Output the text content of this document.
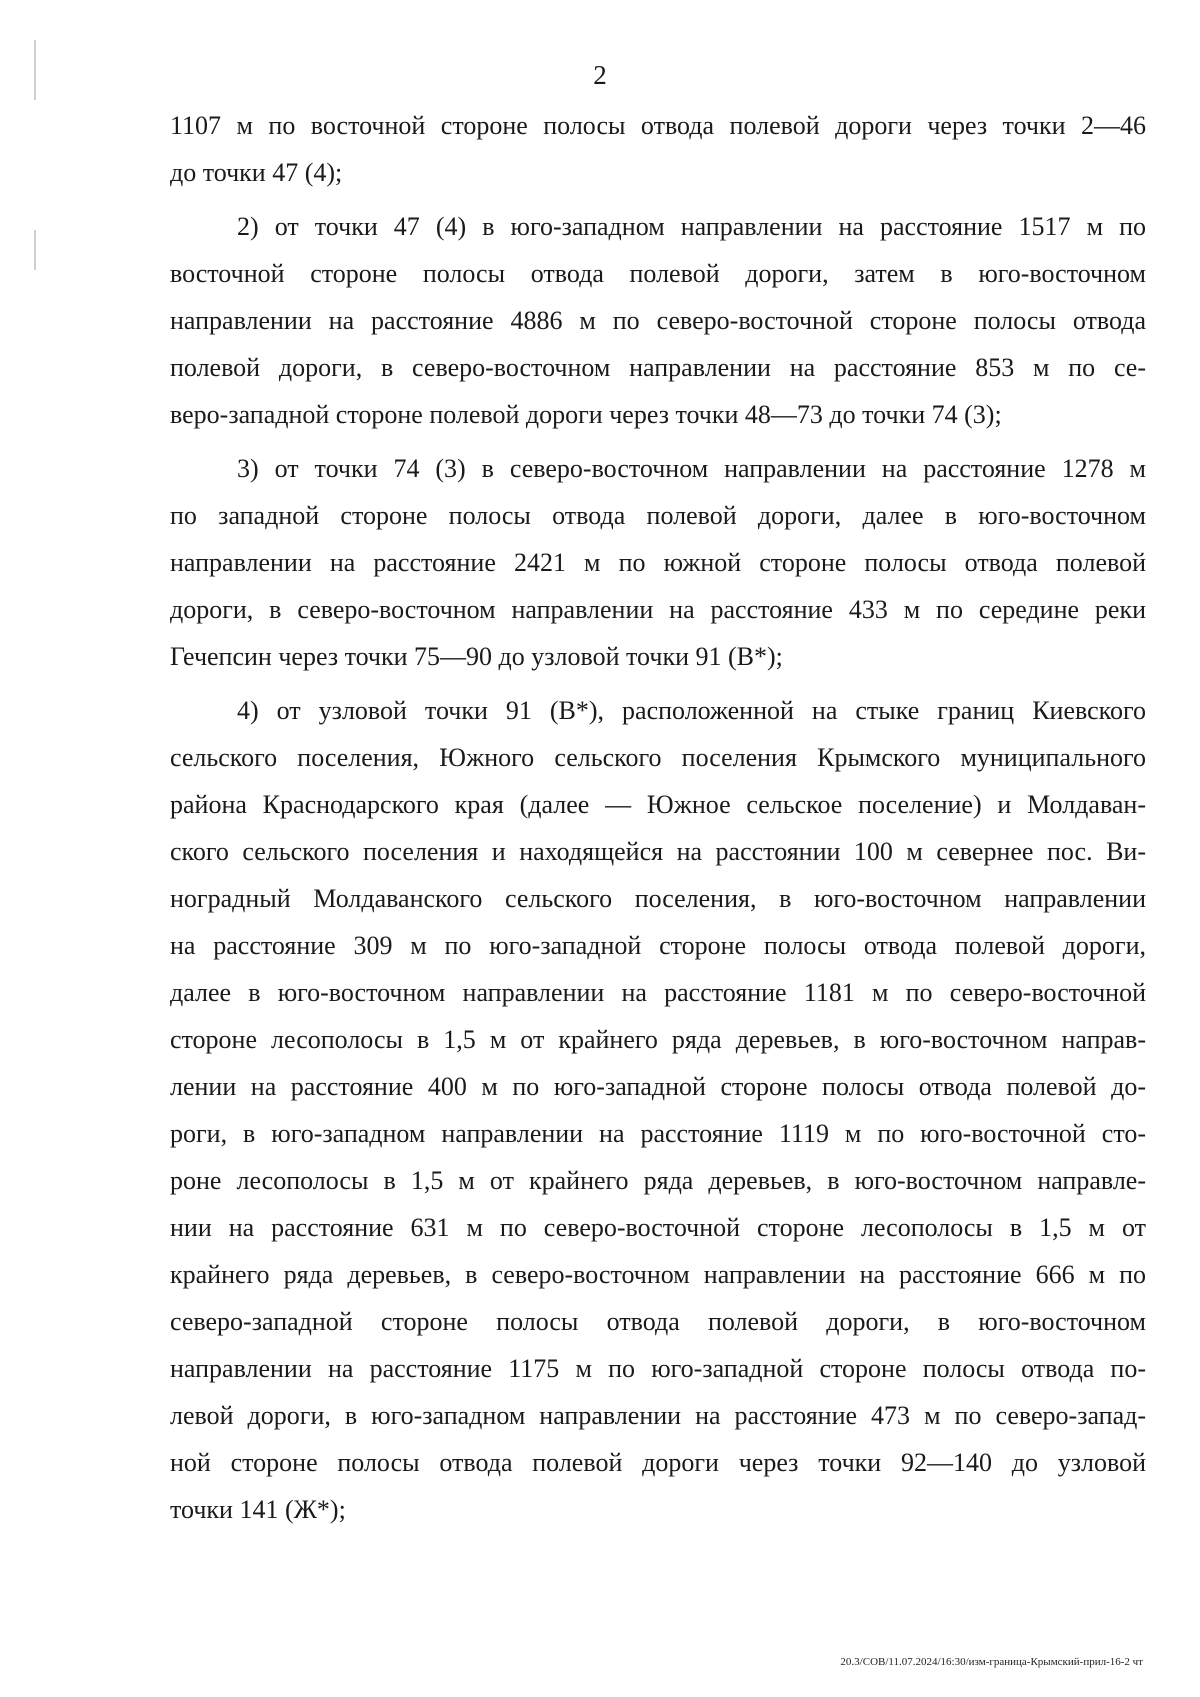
2
1107 м по восточной стороне полосы отвода полевой дороги через точки 2—46
до точки 47 (4);
2) от точки 47 (4) в юго-западном направлении на расстояние 1517 м по
восточной стороне полосы отвода полевой дороги, затем в юго-восточном
направлении на расстояние 4886 м по северо-восточной стороне полосы отвода
полевой дороги, в северо-восточном направлении на расстояние 853 м по се-
веро-западной стороне полевой дороги через точки 48—73 до точки 74 (3);
3) от точки 74 (3) в северо-восточном направлении на расстояние 1278 м
по западной стороне полосы отвода полевой дороги, далее в юго-восточном
направлении на расстояние 2421 м по южной стороне полосы отвода полевой
дороги, в северо-восточном направлении на расстояние 433 м по середине реки
Гечепсин через точки 75—90 до узловой точки 91 (В*);
4) от узловой точки 91 (В*), расположенной на стыке границ Киевского
сельского поселения, Южного сельского поселения Крымского муниципального
района Краснодарского края (далее — Южное сельское поселение) и Молдаван-
ского сельского поселения и находящейся на расстоянии 100 м севернее пос. Ви-
ноградный Молдаванского сельского поселения, в юго-восточном направлении
на расстояние 309 м по юго-западной стороне полосы отвода полевой дороги,
далее в юго-восточном направлении на расстояние 1181 м по северо-восточной
стороне лесополосы в 1,5 м от крайнего ряда деревьев, в юго-восточном направ-
лении на расстояние 400 м по юго-западной стороне полосы отвода полевой до-
роги, в юго-западном направлении на расстояние 1119 м по юго-восточной сто-
роне лесополосы в 1,5 м от крайнего ряда деревьев, в юго-восточном направле-
нии на расстояние 631 м по северо-восточной стороне лесополосы в 1,5 м от
крайнего ряда деревьев, в северо-восточном направлении на расстояние 666 м по
северо-западной стороне полосы отвода полевой дороги, в юго-восточном
направлении на расстояние 1175 м по юго-западной стороне полосы отвода по-
левой дороги, в юго-западном направлении на расстояние 473 м по северо-запад-
ной стороне полосы отвода полевой дороги через точки 92—140 до узловой
точки 141 (Ж*);
20.3/СОВ/11.07.2024/16:30/изм-граница-Крымский-прил-16-2 чт
